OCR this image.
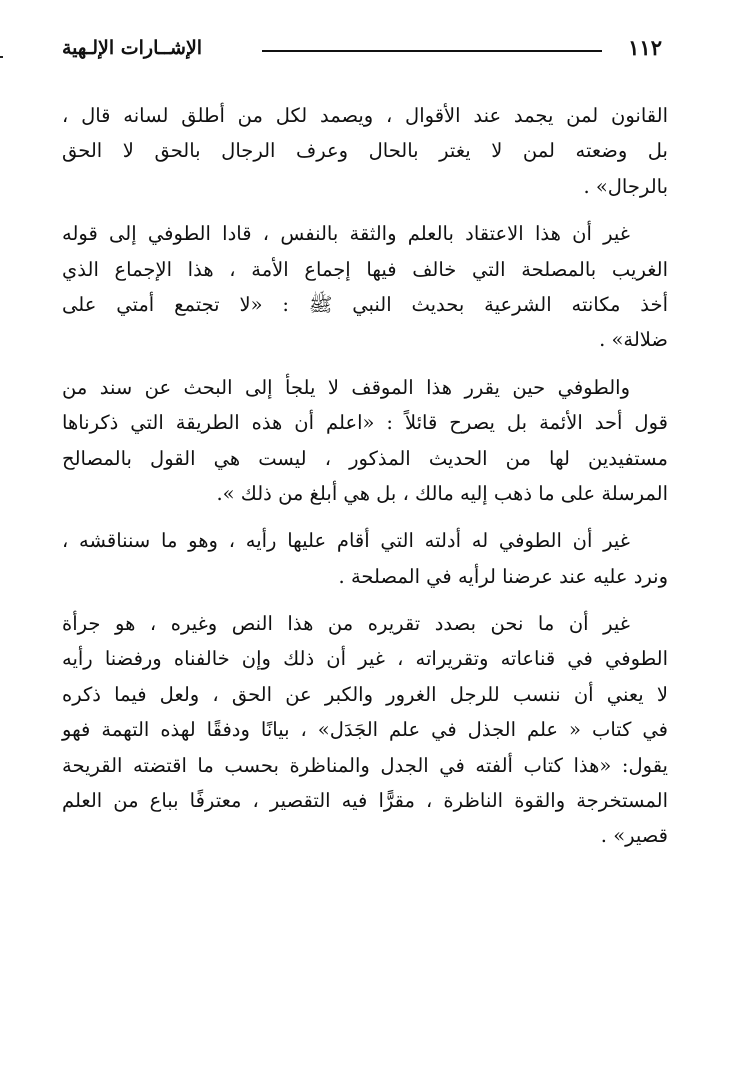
١١٢
الإشــارات الإلـهية
القانون لمن يجمد عند الأقوال ، ويصمد لكل من أطلق لسانه قال ،
بل وضعته لمن لا يغتر بالحال وعرف الرجال بالحق لا الحق
بالرجال» .
غير أن هذا الاعتقاد بالعلم والثقة بالنفس ، قادا الطوفي إلى قوله
الغريب بالمصلحة التي خالف فيها إجماع الأمة ، هذا الإجماع الذي
أخذ مكانته الشرعية بحديث النبي ﷺ : «لا تجتمع أمتي على
ضلالة» .
والطوفي حين يقرر هذا الموقف لا يلجأ إلى البحث عن سند من
قول أحد الأئمة بل يصرح قائلاً : «اعلم أن هذه الطريقة التي ذكرناها
مستفيدين لها من الحديث المذكور ، ليست هي القول بالمصالح
المرسلة على ما ذهب إليه مالك ، بل هي أبلغ من ذلك ».
غير أن الطوفي له أدلته التي أقام عليها رأيه ، وهو ما سنناقشه ،
ونرد عليه عند عرضنا لرأيه في المصلحة .
غير أن ما نحن بصدد تقريره من هذا النص وغيره ، هو جرأة
الطوفي في قناعاته وتقريراته ، غير أن ذلك وإن خالفناه ورفضنا رأيه
لا يعني أن ننسب للرجل الغرور والكبر عن الحق ، ولعل فيما ذكره
في كتاب « علم الجذل في علم الجَدَل» ، بيانًا ودفقًا لهذه التهمة فهو
يقول: «هذا كتاب ألفته في الجدل والمناظرة بحسب ما اقتضته القريحة
المستخرجة والقوة الناظرة ، مقرًّا فيه التقصير ، معترفًا بباع من العلم
قصير» .
